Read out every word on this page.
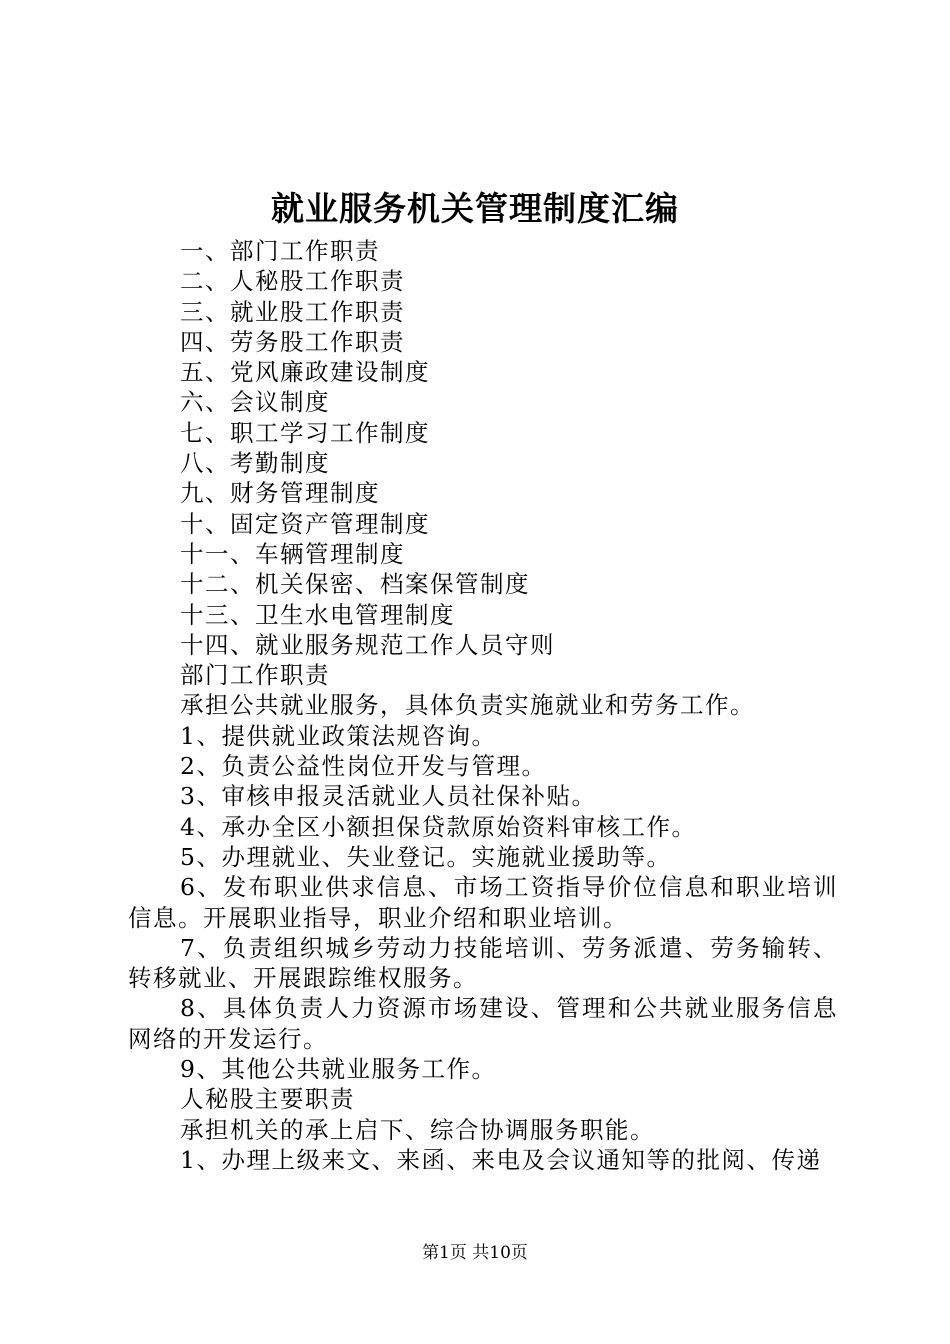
就业服务机关管理制度汇编
一、部门工作职责
二、人秘股工作职责
三、就业股工作职责
四、劳务股工作职责
五、党风廉政建设制度
六、会议制度
七、职工学习工作制度
八、考勤制度
九、财务管理制度
十、固定资产管理制度
十一、车辆管理制度
十二、机关保密、档案保管制度
十三、卫生水电管理制度
十四、就业服务规范工作人员守则
部门工作职责
承担公共就业服务，具体负责实施就业和劳务工作。
1、提供就业政策法规咨询。
2、负责公益性岗位开发与管理。
3、审核申报灵活就业人员社保补贴。
4、承办全区小额担保贷款原始资料审核工作。
5、办理就业、失业登记。实施就业援助等。
6、发布职业供求信息、市场工资指导价位信息和职业培训信息。开展职业指导，职业介绍和职业培训。
7、负责组织城乡劳动力技能培训、劳务派遣、劳务输转、转移就业、开展跟踪维权服务。
8、具体负责人力资源市场建设、管理和公共就业服务信息网络的开发运行。
9、其他公共就业服务工作。
人秘股主要职责
承担机关的承上启下、综合协调服务职能。
1、办理上级来文、来函、来电及会议通知等的批阅、传递
第1页 共10页
